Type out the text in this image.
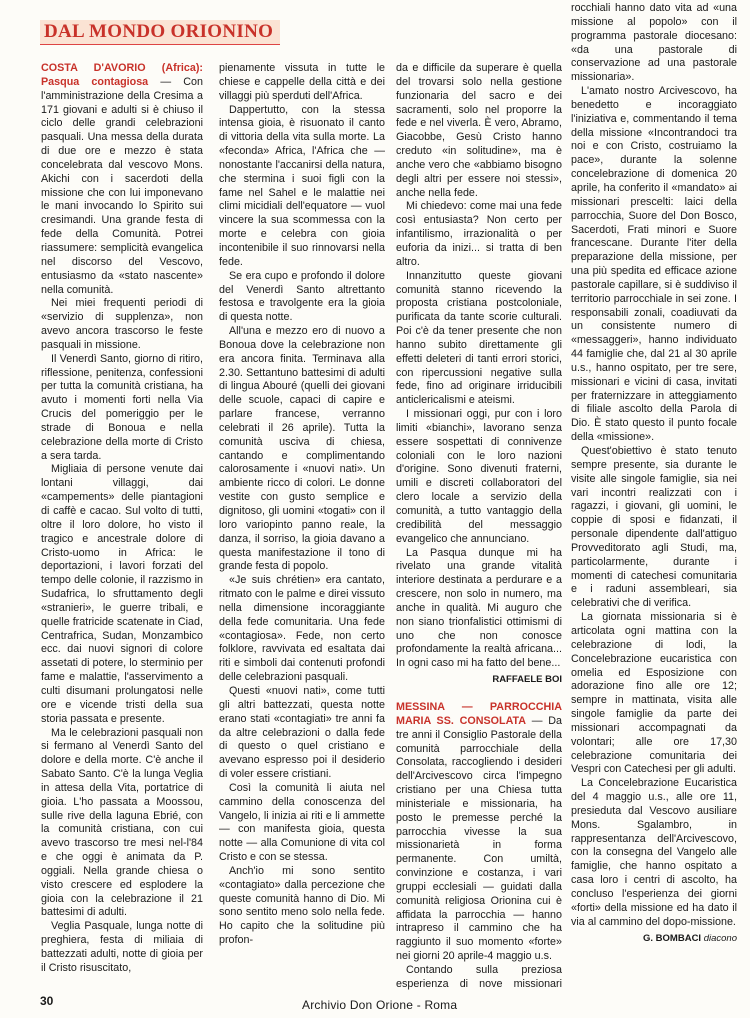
DAL MONDO ORIONINO

COSTA D'AVORIO (Africa): Pasqua contagiosa — Con l'amministrazione della Cresima a 171 giovani e adulti si è chiuso il ciclo delle grandi celebrazioni pasquali. Una messa della durata di due ore e mezzo è stata concelebrata dal vescovo Mons. Akichi con i sacerdoti della missione che con lui imponevano le mani invocando lo Spirito sui cresimandi. Una grande festa di fede della Comunità. Potrei riassumere: semplicità evangelica nel discorso del Vescovo, entusiasmo da «stato nascente» nella comunità.

Nei miei frequenti periodi di «servizio di supplenza», non avevo ancora trascorso le feste pasquali in missione.

Il Venerdì Santo, giorno di ritiro, riflessione, penitenza, confessioni per tutta la comunità cristiana, ha avuto i momenti forti nella Via Crucis del pomeriggio per le strade di Bonoua e nella celebrazione della morte di Cristo a sera tarda.

Migliaia di persone venute dai lontani villaggi, dai «campements» delle piantagioni di caffè e cacao. Sul volto di tutti, oltre il loro dolore, ho visto il tragico e ancestrale dolore di Cristo-uomo in Africa: le deportazioni, i lavori forzati del tempo delle colonie, il razzismo in Sudafrica, lo sfruttamento degli «stranieri», le guerre tribali, e quelle fratricide scatenate in Ciad, Centrafrica, Sudan, Monzambico ecc. dai nuovi signori di colore assetati di potere, lo sterminio per fame e malattie, l'asservimento a culti disumani prolungatosi nelle ore e vicende tristi della sua storia passata e presente.

Ma le celebrazioni pasquali non si fermano al Venerdì Santo del dolore e della morte. C'è anche il Sabato Santo. C'è la lunga Veglia in attesa della Vita, portatrice di gioia. L'ho passata a Moossou, sulle rive della laguna Ebrié, con la comunità cristiana, con cui avevo trascorso tre mesi nel-l'84 e che oggi è animata da P. oggiali. Nella grande chiesa o visto crescere ed esplodere la gioia con la celebrazione il 21 battesimi di adulti.

Veglia Pasquale, lunga notte di preghiera, festa di miliaia di battezzati adulti, notte di gioia per il Cristo risuscitato,

pienamente vissuta in tutte le chiese e cappelle della città e dei villaggi più sperduti dell'Africa.

Dappertutto, con la stessa intensa gioia, è risuonato il canto di vittoria della vita sulla morte. La «feconda» Africa, l'Africa che — nonostante l'accanirsi della natura, che stermina i suoi figli con la fame nel Sahel e le malattie nei climi micidiali dell'equatore — vuol vincere la sua scommessa con la morte e celebra con gioia incontenibile il suo rinnovarsi nella fede.

Se era cupo e profondo il dolore del Venerdì Santo altrettanto festosa e travolgente era la gioia di questa notte.

All'una e mezzo ero di nuovo a Bonoua dove la celebrazione non era ancora finita. Terminava alla 2.30. Settantuno battesimi di adulti di lingua Abouré (quelli dei giovani delle scuole, capaci di capire e parlare francese, verranno celebrati il 26 aprile). Tutta la comunità usciva di chiesa, cantando e complimentando calorosamente i «nuovi nati». Un ambiente ricco di colori. Le donne vestite con gusto semplice e dignitoso, gli uomini «togati» con il loro variopinto panno reale, la danza, il sorriso, la gioia davano a questa manifestazione il tono di grande festa di popolo.

«Je suis chrétien» era cantato, ritmato con le palme e direi vissuto nella dimensione incoraggiante della fede comunitaria. Una fede «contagiosa». Fede, non certo folklore, ravvivata ed esaltata dai riti e simboli dai contenuti profondi delle celebrazioni pasquali.

Questi «nuovi nati», come tutti gli altri battezzati, questa notte erano stati «contagiati» tre anni fa da altre celebrazioni o dalla fede di questo o quel cristiano e avevano espresso poi il desiderio di voler essere cristiani.

Così la comunità li aiuta nel cammino della conoscenza del Vangelo, li inizia ai riti e li ammette — con manifesta gioia, questa notte — alla Comunione di vita col Cristo e con se stessa.

Anch'io mi sono sentito «contagiato» dalla percezione che queste comunità hanno di Dio. Mi sono sentito meno solo nella fede. Ho capito che la solitudine più profon-

da e difficile da superare è quella del trovarsi solo nella gestione funzionaria del sacro e dei sacramenti, solo nel proporre la fede e nel viverla. È vero, Abramo, Giacobbe, Gesù Cristo hanno creduto «in solitudine», ma è anche vero che «abbiamo bisogno degli altri per essere noi stessi», anche nella fede.

Mi chiedevo: come mai una fede così entusiasta? Non certo per infantilismo, irrazionalità o per euforia da inizi... si tratta di ben altro.

Innanzitutto queste giovani comunità stanno ricevendo la proposta cristiana postcoloniale, purificata da tante scorie culturali. Poi c'è da tener presente che non hanno subito direttamente gli effetti deleteri di tanti errori storici, con ripercussioni negative sulla fede, fino ad originare irriducibili anticlericalismi e ateismi.

I missionari oggi, pur con i loro limiti «bianchi», lavorano senza essere sospettati di connivenze coloniali con le loro nazioni d'origine. Sono divenuti fraterni, umili e discreti collaboratori del clero locale a servizio della comunità, a tutto vantaggio della credibilità del messaggio evangelico che annunciano.

La Pasqua dunque mi ha rivelato una grande vitalità interiore destinata a perdurare e a crescere, non solo in numero, ma anche in qualità. Mi auguro che non siano trionfalistici ottimismi di uno che non conosce profondamente la realtà africana... In ogni caso mi ha fatto del bene...

RAFFAELE BOI

MESSINA — PARROCCHIA MARIA SS. CONSOLATA — Da tre anni il Consiglio Pastorale della comunità parrocchiale della Consolata, raccogliendo i desideri dell'Arcivescovo circa l'impegno cristiano per una Chiesa tutta ministeriale e missionaria, ha posto le premesse perché la parrocchia vivesse la sua missionarietà in forma permanente. Con umiltà, convinzione e costanza, i vari gruppi ecclesiali — guidati dalla comunità religiosa Orionina cui è affidata la parrocchia — hanno intrapreso il cammino che ha raggiunto il suo momento «forte» nei giorni 20 aprile-4 maggio u.s.

Contando sulla preziosa esperienza di nove missionari

rocchiali hanno dato vita ad «una missione al popolo» con il programma pastorale diocesano: «da una pastorale di conservazione ad una pastorale missionaria».

L'amato nostro Arcivescovo, ha benedetto e incoraggiato l'iniziativa e, commentando il tema della missione «Incontrandoci tra noi e con Cristo, costruiamo la pace», durante la solenne concelebrazione di domenica 20 aprile, ha conferito il «mandato» ai missionari prescelti: laici della parrocchia, Suore del Don Bosco, Sacerdoti, Frati minori e Suore francescane. Durante l'iter della preparazione della missione, per una più spedita ed efficace azione pastorale capillare, si è suddiviso il territorio parrocchiale in sei zone. I responsabili zonali, coadiuvati da un consistente numero di «messaggeri», hanno individuato 44 famiglie che, dal 21 al 30 aprile u.s., hanno ospitato, per tre sere, missionari e vicini di casa, invitati per fraternizzare in atteggiamento di filiale ascolto della Parola di Dio. È stato questo il punto focale della «missione».

Quest'obiettivo è stato tenuto sempre presente, sia durante le visite alle singole famiglie, sia nei vari incontri realizzati con i ragazzi, i giovani, gli uomini, le coppie di sposi e fidanzati, il personale dipendente dall'attiguo Provveditorato agli Studi, ma, particolarmente, durante i momenti di catechesi comunitaria e i raduni assembleari, sia celebrativi che di verifica.

La giornata missionaria si è articolata ogni mattina con la celebrazione di lodi, la Concelebrazione eucaristica con omelia ed Esposizione con adorazione fino alle ore 12; sempre in mattinata, visita alle singole famiglie da parte dei missionari accompagnati da volontari; alle ore 17,30 celebrazione comunitaria dei Vespri con Catechesi per gli adulti.

La Concelebrazione Eucaristica del 4 maggio u.s., alle ore 11, presieduta dal Vescovo ausiliare Mons. Sgalambro, in rappresentanza dell'Arcivescovo, con la consegna del Vangelo alle famiglie, che hanno ospitato a casa loro i centri di ascolto, ha concluso l'esperienza dei giorni «forti» della missione ed ha dato il via al cammino del dopo-missione.

G. BOMBACI diacono
30	Archivio Don Orione - Roma
